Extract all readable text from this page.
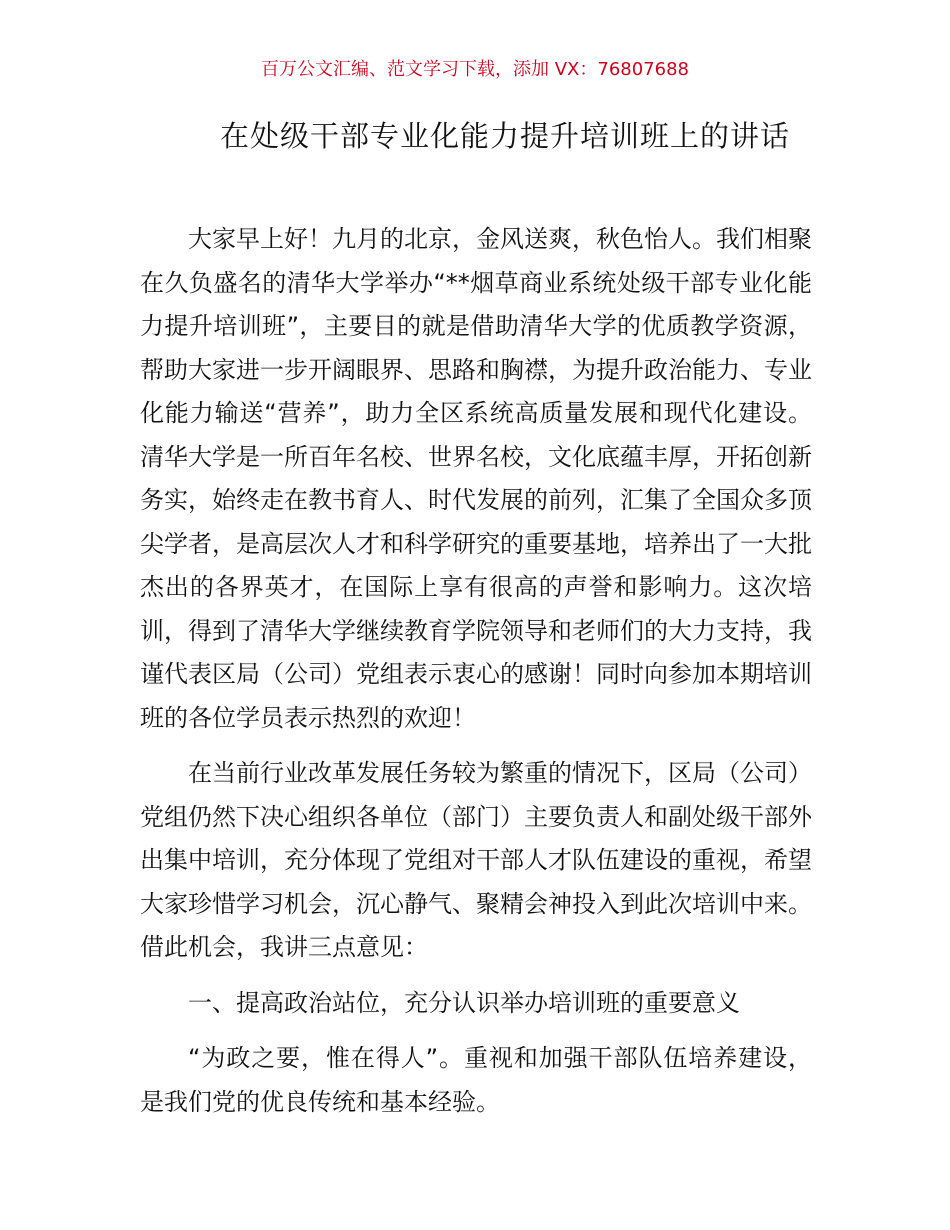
百万公文汇编、范文学习下载，添加 VX：76807688
在处级干部专业化能力提升培训班上的讲话

大家早上好！九月的北京，金风送爽，秋色怡人。我们相聚在久负盛名的清华大学举办“**烟草商业系统处级干部专业化能力提升培训班”，主要目的就是借助清华大学的优质教学资源，帮助大家进一步开阔眼界、思路和胸襟，为提升政治能力、专业化能力输送“营养”，助力全区系统高质量发展和现代化建设。清华大学是一所百年名校、世界名校，文化底蕴丰厚，开拓创新务实，始终走在教书育人、时代发展的前列，汇集了全国众多顶尖学者，是高层次人才和科学研究的重要基地，培养出了一大批杰出的各界英才，在国际上享有很高的声誉和影响力。这次培训，得到了清华大学继续教育学院领导和老师们的大力支持，我谨代表区局（公司）党组表示衷心的感谢！同时向参加本期培训班的各位学员表示热烈的欢迎！

在当前行业改革发展任务较为繁重的情况下，区局（公司）党组仍然下决心组织各单位（部门）主要负责人和副处级干部外出集中培训，充分体现了党组对干部人才队伍建设的重视，希望大家珍惜学习机会，沉心静气、聚精会神投入到此次培训中来。借此机会，我讲三点意见：

一、提高政治站位，充分认识举办培训班的重要意义

“为政之要，惟在得人”。重视和加强干部队伍培养建设，是我们党的优良传统和基本经验。
